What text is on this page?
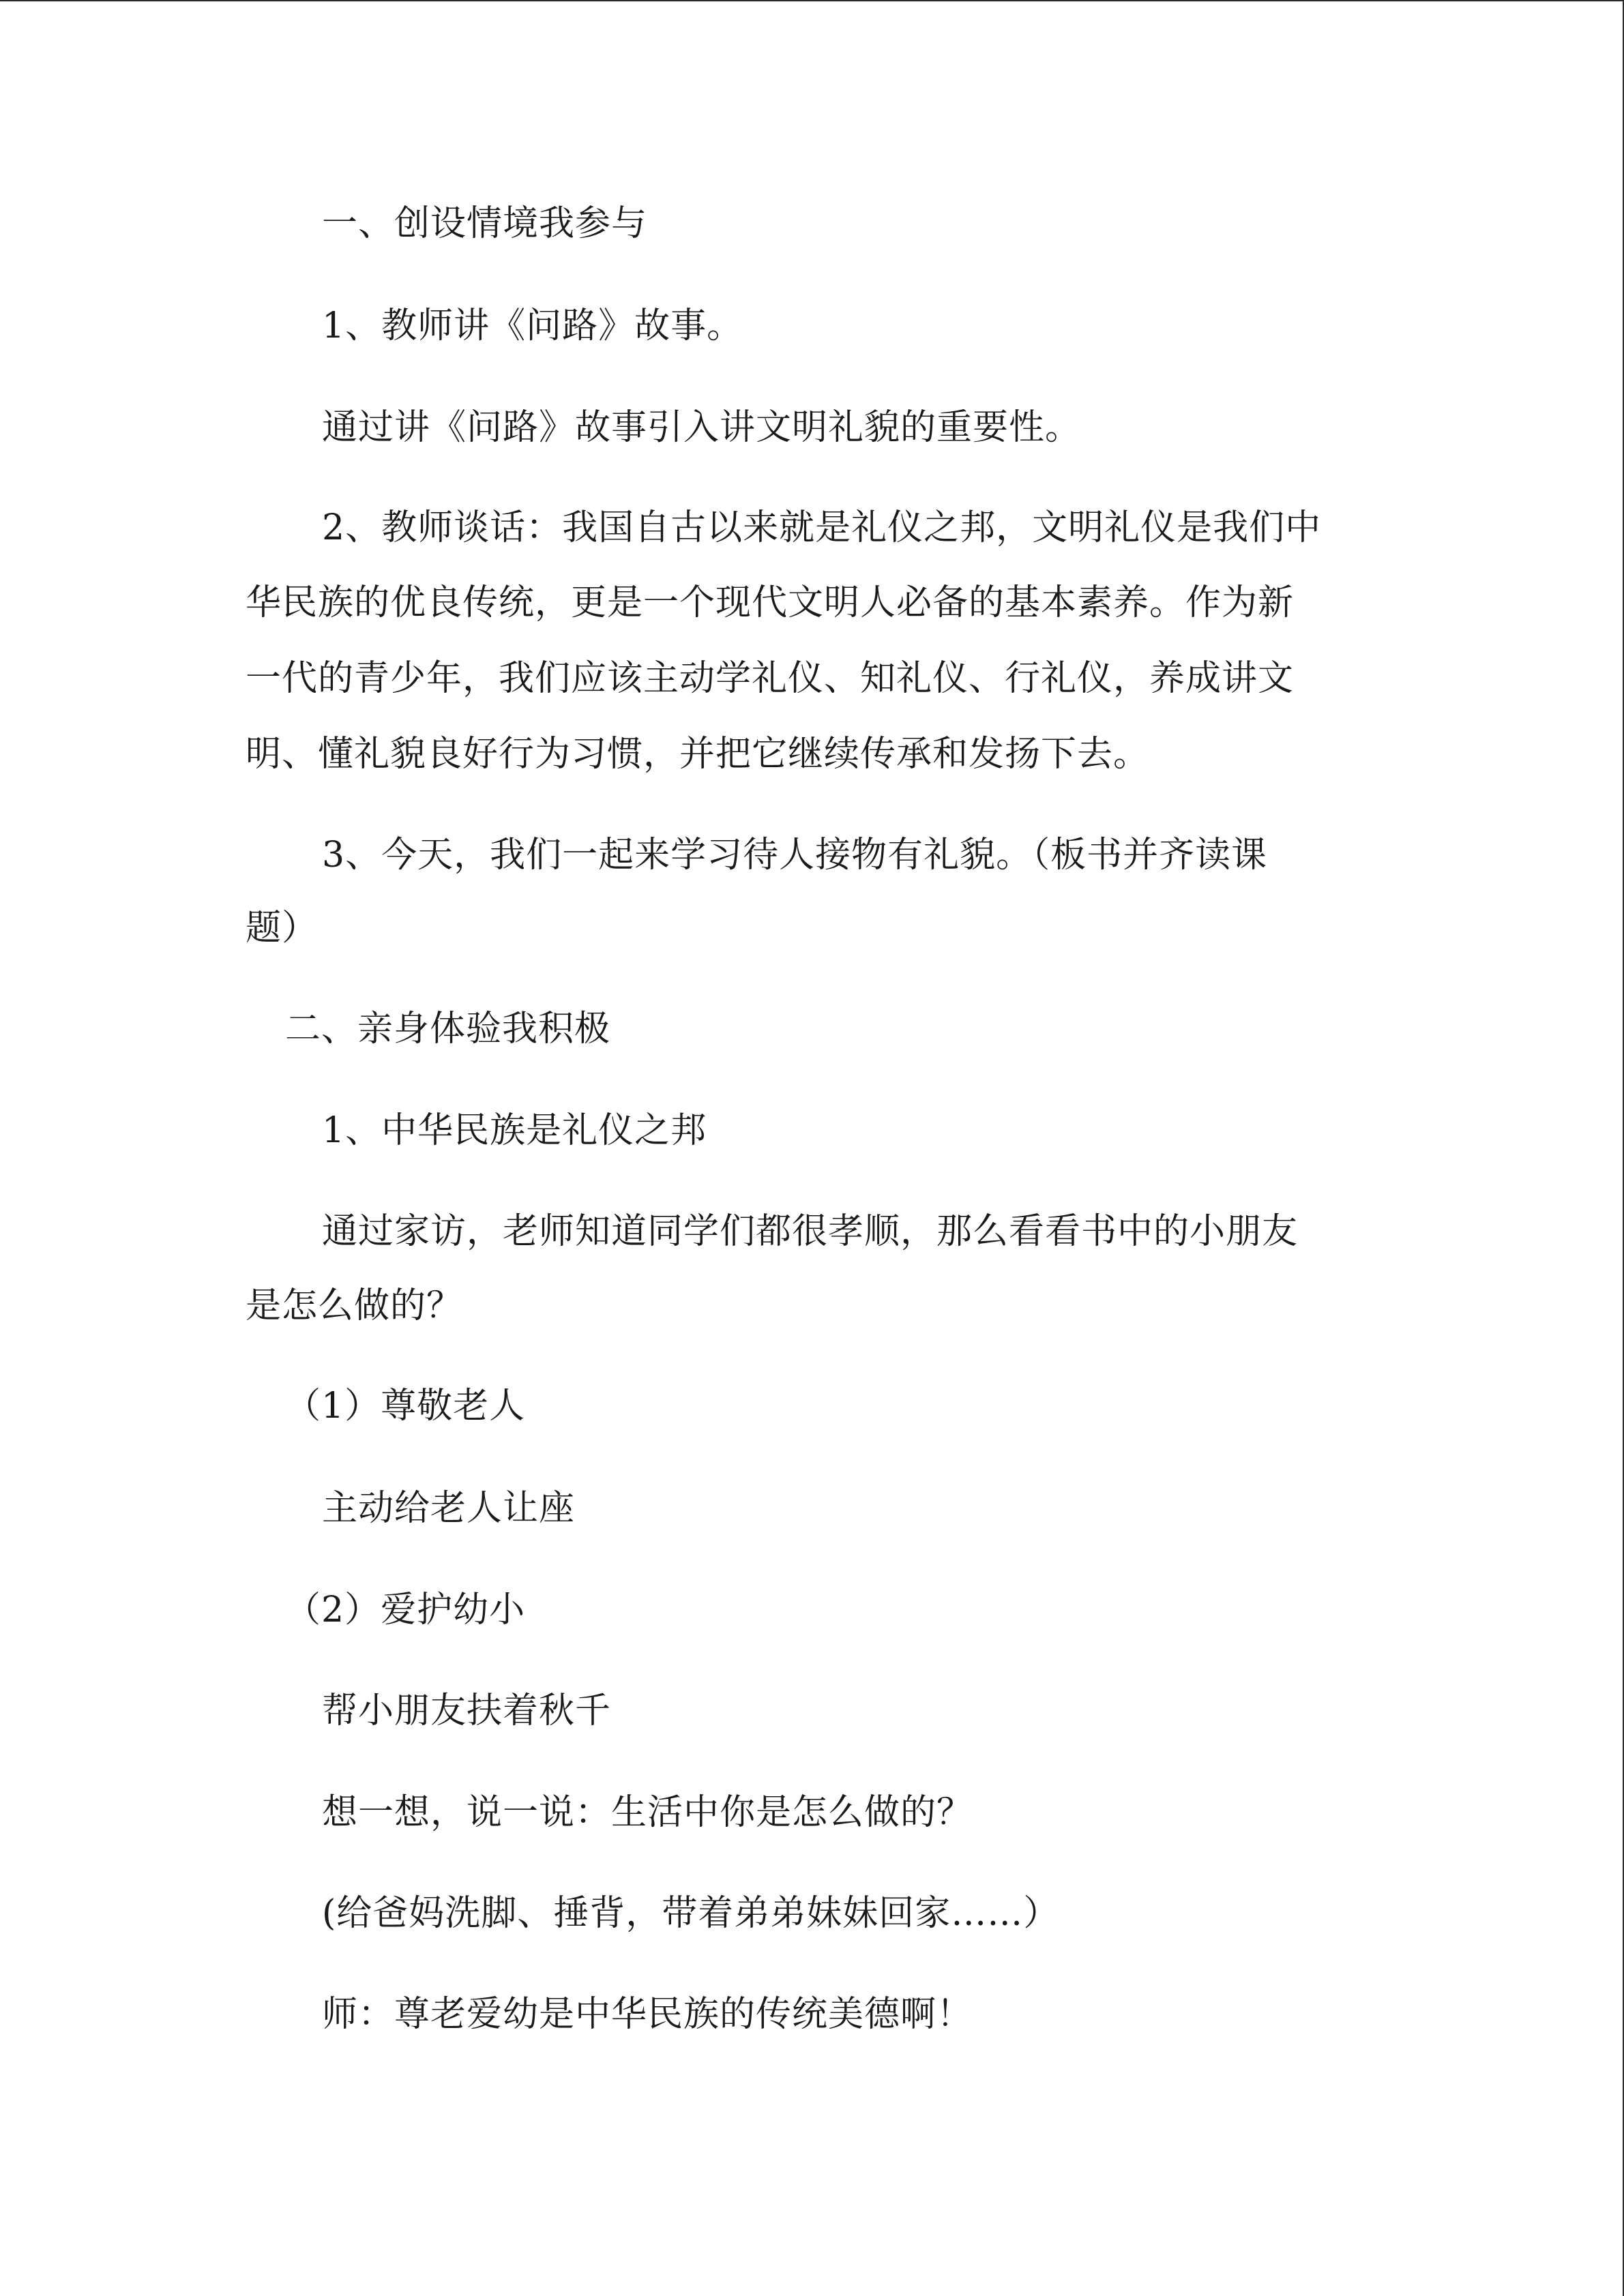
一、创设情境我参与

1、教师讲《问路》故事。

通过讲《问路》故事引入讲文明礼貌的重要性。

2、教师谈话：我国自古以来就是礼仪之邦，文明礼仪是我们中

华民族的优良传统，更是一个现代文明人必备的基本素养。作为新

一代的青少年，我们应该主动学礼仪、知礼仪、行礼仪，养成讲文

明、懂礼貌良好行为习惯，并把它继续传承和发扬下去。

3、今天，我们一起来学习待人接物有礼貌。（板书并齐读课

题）

二、亲身体验我积极

1、中华民族是礼仪之邦

通过家访，老师知道同学们都很孝顺，那么看看书中的小朋友

是怎么做的？

（1）尊敬老人

主动给老人让座

（2）爱护幼小

帮小朋友扶着秋千

想一想，说一说：生活中你是怎么做的？

(给爸妈洗脚、捶背，带着弟弟妹妹回家……）

师：尊老爱幼是中华民族的传统美德啊！
